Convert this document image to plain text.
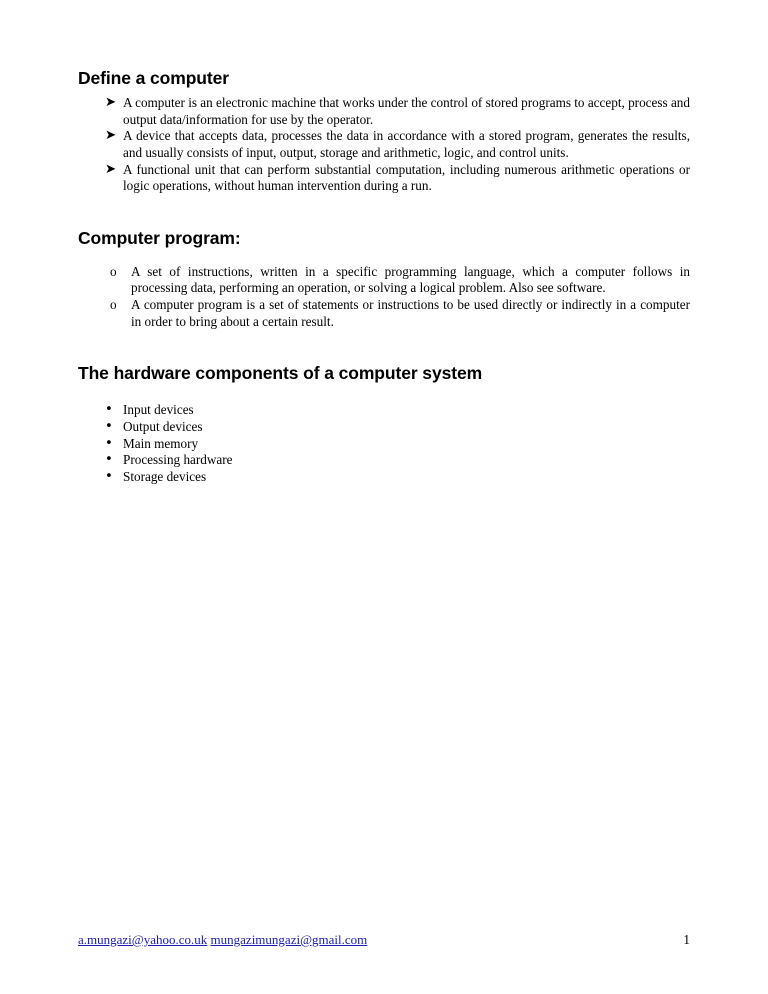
Define a computer
➤ A computer is an electronic machine that works under the control of stored programs to accept, process and output data/information for use by the operator.
➤ A device that accepts data, processes the data in accordance with a stored program, generates the results, and usually consists of input, output, storage and arithmetic, logic, and control units.
➤ A functional unit that can perform substantial computation, including numerous arithmetic operations or logic operations, without human intervention during a run.
Computer program:
o	A set of instructions, written in a specific programming language, which a computer follows in processing data, performing an operation, or solving a logical problem. Also see software.
o	A computer program is a set of statements or instructions to be used directly or indirectly in a computer in order to bring about a certain result.
The hardware components of a computer system
• Input devices
• Output devices
• Main memory
• Processing hardware
• Storage devices
a.mungazi@yahoo.co.uk mungazimungazi@gmail.com	1
